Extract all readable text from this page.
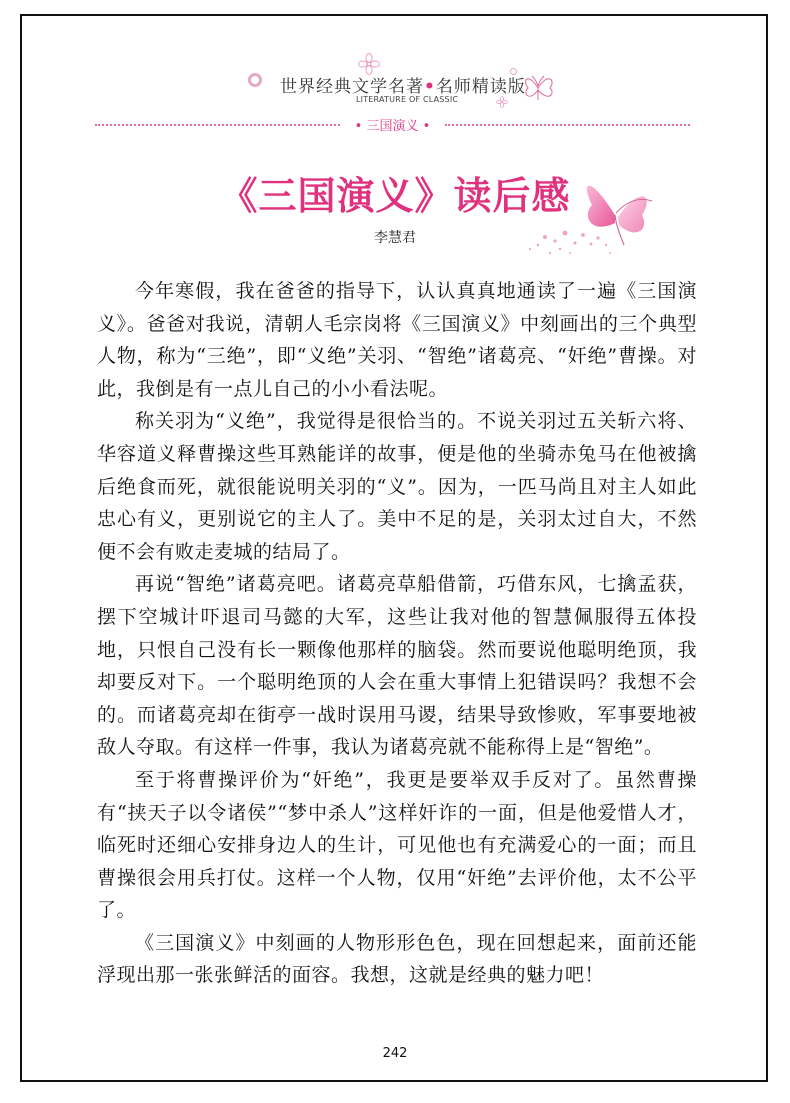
世界经典文学名著•名师精读版
LITERATURE OF CLASSIC
• 三国演义 •
《三国演义》读后感
李慧君

今年寒假，我在爸爸的指导下，认认真真地通读了一遍《三国演义》。爸爸对我说，清朝人毛宗岗将《三国演义》中刻画出的三个典型人物，称为“三绝”，即“义绝”关羽、“智绝”诸葛亮、“奸绝”曹操。对此，我倒是有一点儿自己的小小看法呢。

称关羽为“义绝”，我觉得是很恰当的。不说关羽过五关斩六将、华容道义释曹操这些耳熟能详的故事，便是他的坐骑赤兔马在他被擒后绝食而死，就很能说明关羽的“义”。因为，一匹马尚且对主人如此忠心有义，更别说它的主人了。美中不足的是，关羽太过自大，不然便不会有败走麦城的结局了。

再说“智绝”诸葛亮吧。诸葛亮草船借箭，巧借东风，七擒孟获，摆下空城计吓退司马懿的大军，这些让我对他的智慧佩服得五体投地，只恨自己没有长一颗像他那样的脑袋。然而要说他聪明绝顶，我却要反对下。一个聪明绝顶的人会在重大事情上犯错误吗？我想不会的。而诸葛亮却在街亭一战时误用马谡，结果导致惨败，军事要地被敌人夺取。有这样一件事，我认为诸葛亮就不能称得上是“智绝”。

至于将曹操评价为“奸绝”，我更是要举双手反对了。虽然曹操有“挟天子以令诸侯”“梦中杀人”这样奸诈的一面，但是他爱惜人才，临死时还细心安排身边人的生计，可见他也有充满爱心的一面；而且曹操很会用兵打仗。这样一个人物，仅用“奸绝”去评价他，太不公平了。

《三国演义》中刻画的人物形形色色，现在回想起来，面前还能浮现出那一张张鲜活的面容。我想，这就是经典的魅力吧！

242
